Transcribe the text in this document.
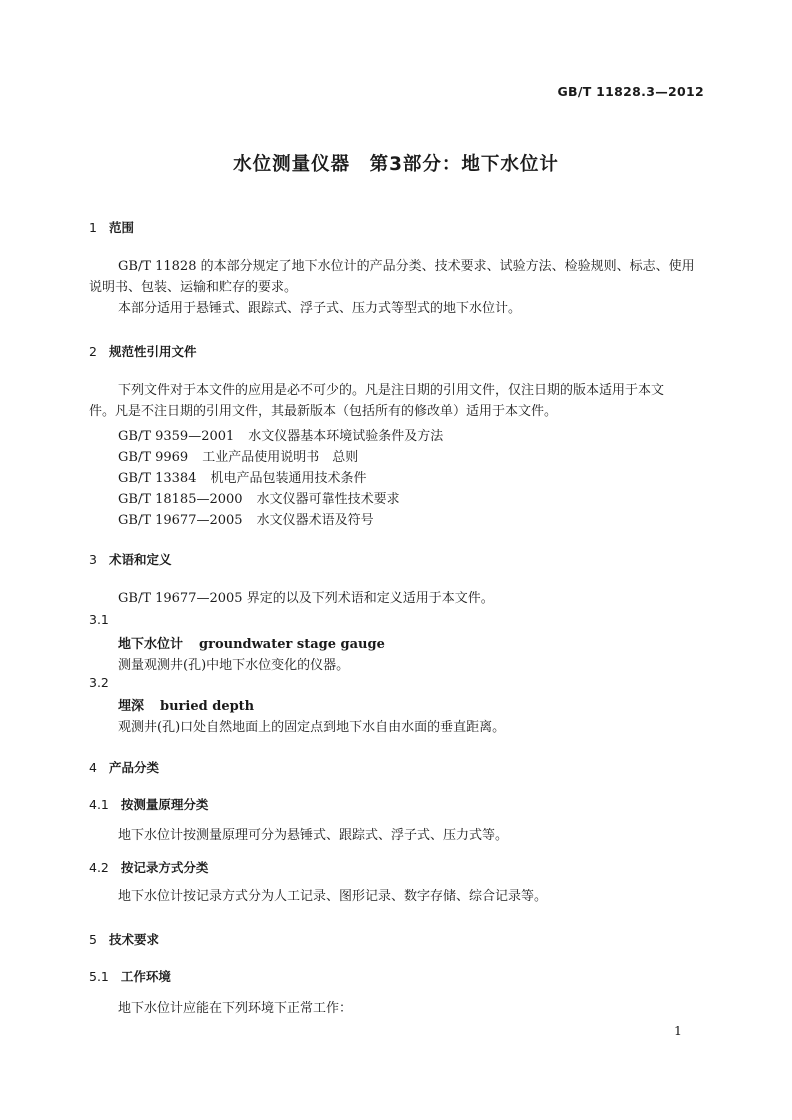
GB/T 11828.3—2012
水位测量仪器　第3部分：地下水位计
1 范围
GB/T 11828 的本部分规定了地下水位计的产品分类、技术要求、试验方法、检验规则、标志、使用
说明书、包装、运输和贮存的要求。
本部分适用于悬锤式、跟踪式、浮子式、压力式等型式的地下水位计。
2 规范性引用文件
下列文件对于本文件的应用是必不可少的。凡是注日期的引用文件，仅注日期的版本适用于本文
件。凡是不注日期的引用文件，其最新版本（包括所有的修改单）适用于本文件。
GB/T 9359—2001 水文仪器基本环境试验条件及方法
GB/T 9969 工业产品使用说明书　总则
GB/T 13384 机电产品包装通用技术条件
GB/T 18185—2000 水文仪器可靠性技术要求
GB/T 19677—2005 水文仪器术语及符号
3 术语和定义
GB/T 19677—2005 界定的以及下列术语和定义适用于本文件。
3.1
地下水位计 groundwater stage gauge
测量观测井(孔)中地下水位变化的仪器。
3.2
埋深 buried depth
观测井(孔)口处自然地面上的固定点到地下水自由水面的垂直距离。
4 产品分类
4.1 按测量原理分类
地下水位计按测量原理可分为悬锤式、跟踪式、浮子式、压力式等。
4.2 按记录方式分类
地下水位计按记录方式分为人工记录、图形记录、数字存储、综合记录等。
5 技术要求
5.1 工作环境
地下水位计应能在下列环境下正常工作：
1
